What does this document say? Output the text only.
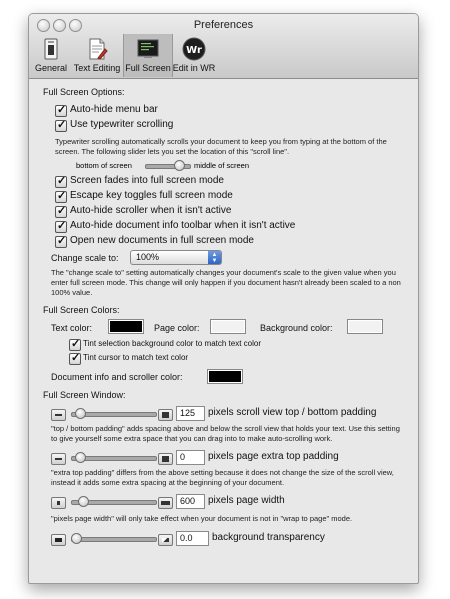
Preferences
General Text Editing Full Screen
Wr
Edit in WR
Full Screen Options:
✓
Auto-hide menu bar
✓
Use typewriter scrolling
Typewriter scrolling automatically scrolls your document to keep you from typing at the bottom of the screen. The following slider lets you set the location of this "scroll line".
bottom of screen	middle of screen
✓
Screen fades into full screen mode
✓
Escape key toggles full screen mode
✓
Auto-hide scroller when it isn't active
✓
Auto-hide document info toolbar when it isn't active
✓
Open new documents in full screen mode
Change scale to:	100%	▲
▼
The "change scale to" setting automatically changes your document's scale to the given value when you enter full screen mode. This change will only happen if you document hasn't already been scaled to a non 100% value.
Full Screen Colors:
Text color:	Page color:	Background color:
✓
Tint selection background color to match text color
✓
Tint cursor to match text color
Document info and scroller color:
Full Screen Window:
125	pixels scroll view top / bottom padding
"top / bottom padding" adds spacing above and below the scroll view that holds your text. Use this setting to give yourself some extra space that you can drag into to make auto-scrolling work.
0	pixels page extra top padding
"extra top padding" differs from the above setting because it does not change the size of the scroll view, instead it adds some extra spacing at the beginning of your document.
600	pixels page width
"pixels page width" will only take effect when your document is not in "wrap to page" mode.
0.0	background transparency
